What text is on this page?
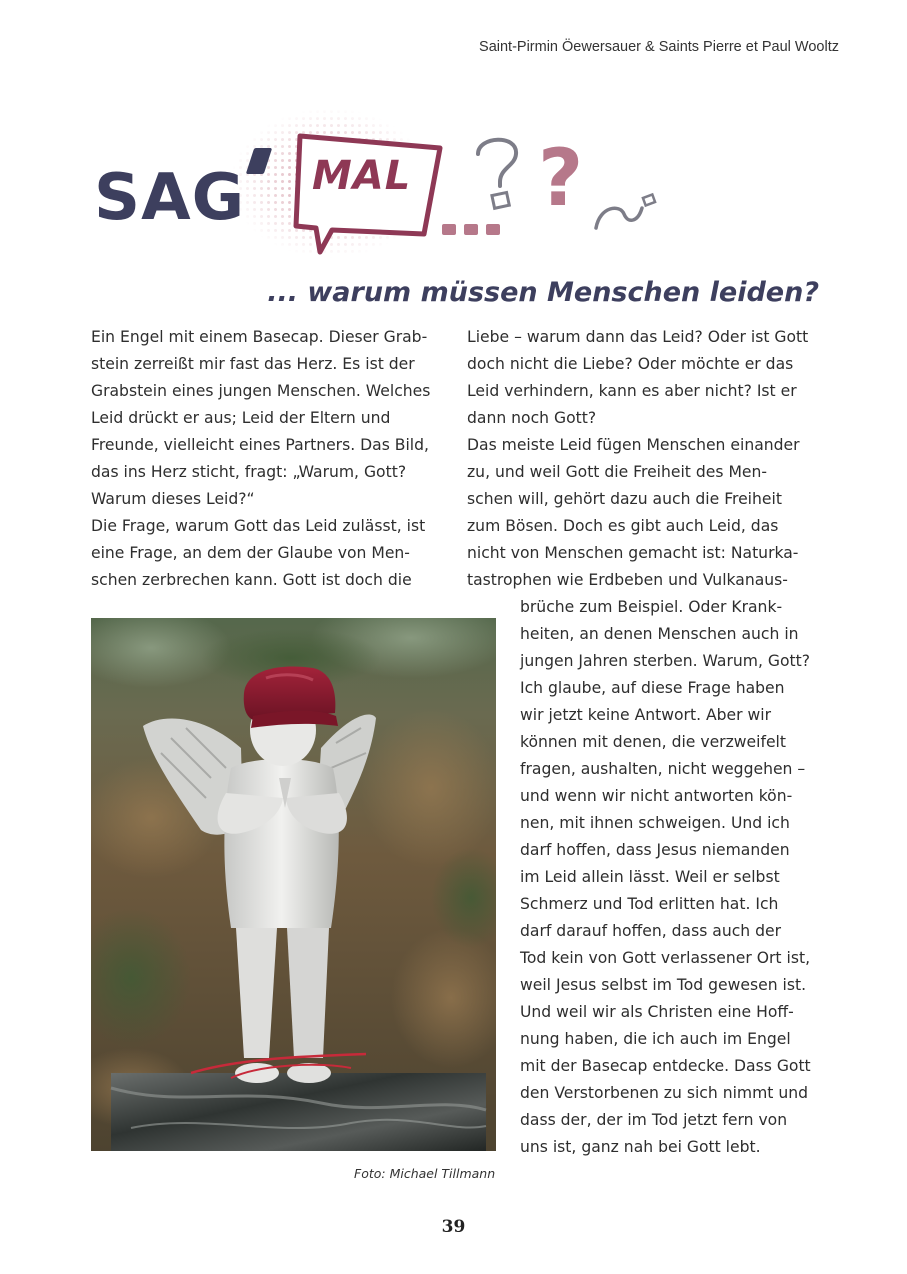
Saint-Pirmin Öewersauer & Saints Pierre et Paul Wooltz
SAG MAL ?
... warum müssen Menschen leiden?

Ein Engel mit einem Basecap. Dieser Grab-

stein zerreißt mir fast das Herz. Es ist der

Grabstein eines jungen Menschen. Welches

Leid drückt er aus; Leid der Eltern und

Freunde, vielleicht eines Partners. Das Bild,

das ins Herz sticht, fragt: „Warum, Gott?

Warum dieses Leid?“

Die Frage, warum Gott das Leid zulässt, ist

eine Frage, an dem der Glaube von Men-

schen zerbrechen kann. Gott ist doch die

Liebe – warum dann das Leid? Oder ist Gott

doch nicht die Liebe? Oder möchte er das

Leid verhindern, kann es aber nicht? Ist er

dann noch Gott?

Das meiste Leid fügen Menschen einander

zu, und weil Gott die Freiheit des Men-

schen will, gehört dazu auch die Freiheit

zum Bösen. Doch es gibt auch Leid, das

nicht von Menschen gemacht ist: Naturka-

tastrophen wie Erdbeben und Vulkanaus-

brüche zum Beispiel. Oder Krank-

heiten, an denen Menschen auch in

jungen Jahren sterben. Warum, Gott?

Ich glaube, auf diese Frage haben

wir jetzt keine Antwort. Aber wir

können mit denen, die verzweifelt

fragen, aushalten, nicht weggehen –

und wenn wir nicht antworten kön-

nen, mit ihnen schweigen. Und ich

darf hoffen, dass Jesus niemanden

im Leid allein lässt. Weil er selbst

Schmerz und Tod erlitten hat. Ich

darf darauf hoffen, dass auch der

Tod kein von Gott verlassener Ort ist,

weil Jesus selbst im Tod gewesen ist.

Und weil wir als Christen eine Hoff-

nung haben, die ich auch im Engel

mit der Basecap entdecke. Dass Gott

den Verstorbenen zu sich nimmt und

dass der, der im Tod jetzt fern von

uns ist, ganz nah bei Gott lebt.

Foto: Michael Tillmann
39
